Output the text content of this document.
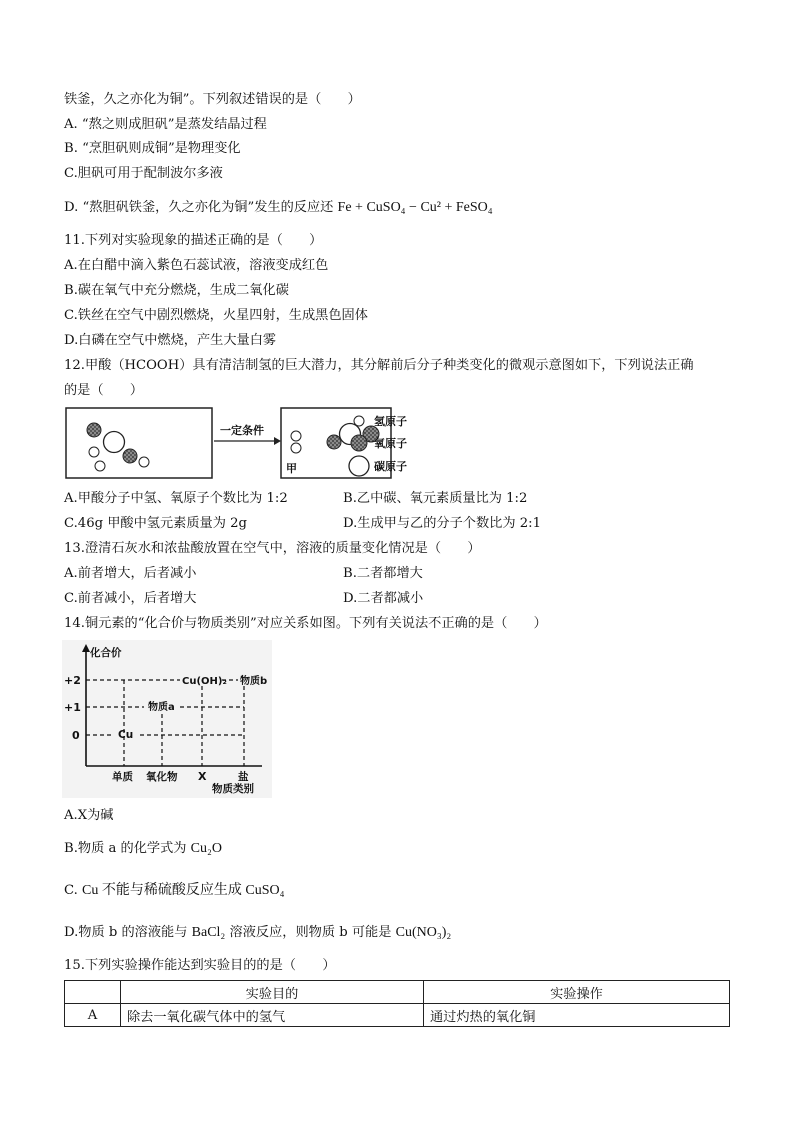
铁釜，久之亦化为铜”。下列叙述错误的是（　　）
A. “熬之则成胆矾”是蒸发结晶过程
B. “烹胆矾则成铜”是物理变化
C.胆矾可用于配制波尔多液
D. “熬胆矾铁釜，久之亦化为铜”发生的反应还 Fe + CuSO₄ − Cu² + FeSO₄
11.下列对实验现象的描述正确的是（　　）
A.在白醋中滴入紫色石蕊试液，溶液变成红色
B.碳在氧气中充分燃烧，生成二氧化碳
C.铁丝在空气中剧烈燃烧，火星四射，生成黑色固体
D.白磷在空气中燃烧，产生大量白雾
12.甲酸（HCOOH）具有清洁制氢的巨大潜力，其分解前后分子种类变化的微观示意图如下，下列说法正确
的是（　　）
一定条件
甲
氢原子
氧原子
碳原子
A.甲酸分子中氢、氧原子个数比为 1:2	B.乙中碳、氧元素质量比为 1:2
C.46g 甲酸中氢元素质量为 2g	D.生成甲与乙的分子个数比为 2:1
13.澄清石灰水和浓盐酸放置在空气中，溶液的质量变化情况是（　　）
A.前者增大，后者减小	B.二者都增大
C.前者减小，后者增大	D.二者都减小
14.铜元素的“化合价与物质类别”对应关系如图。下列有关说法不正确的是（　　）
化合价
物质类别
+2
+1
0
Cu(OH)₂ 物质b
物质a
Cu
单质 氧化物 X	盐
A.X为碱
B.物质 a 的化学式为 Cu₂O
C. Cu 不能与稀硫酸反应生成 CuSO₄
D.物质 b 的溶液能与 BaCl₂ 溶液反应，则物质 b 可能是 Cu(NO₃)₂
15.下列实验操作能达到实验目的的是（　　）
	实验目的	实验操作
A	除去一氧化碳气体中的氢气	通过灼热的氧化铜
